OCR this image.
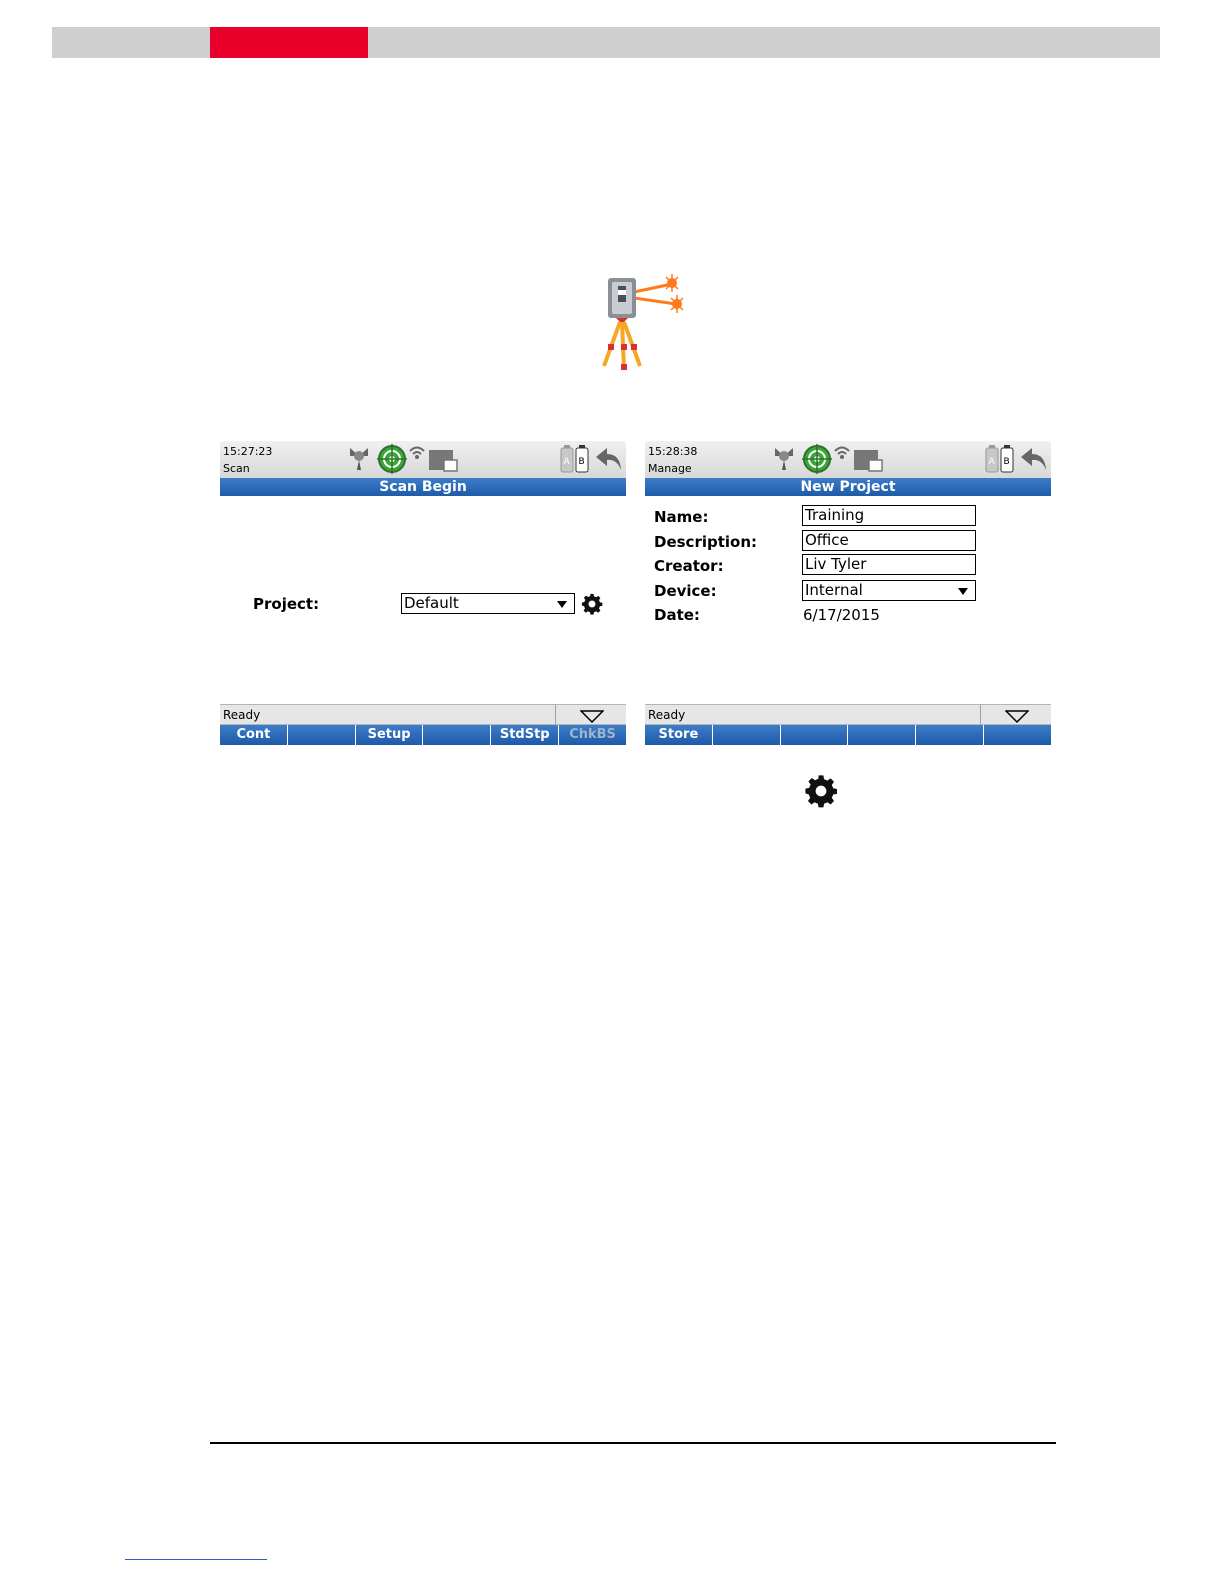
15:27:23
Scan	A B
Scan Begin
Project:	Default
Ready
Cont	Setup	StdStp	ChkBS
15:28:38
Manage	A B
New Project
Name:	Training
Description:	Office
Creator:	Liv Tyler
Device:	Internal
Date:	6/17/2015
Ready
Store
